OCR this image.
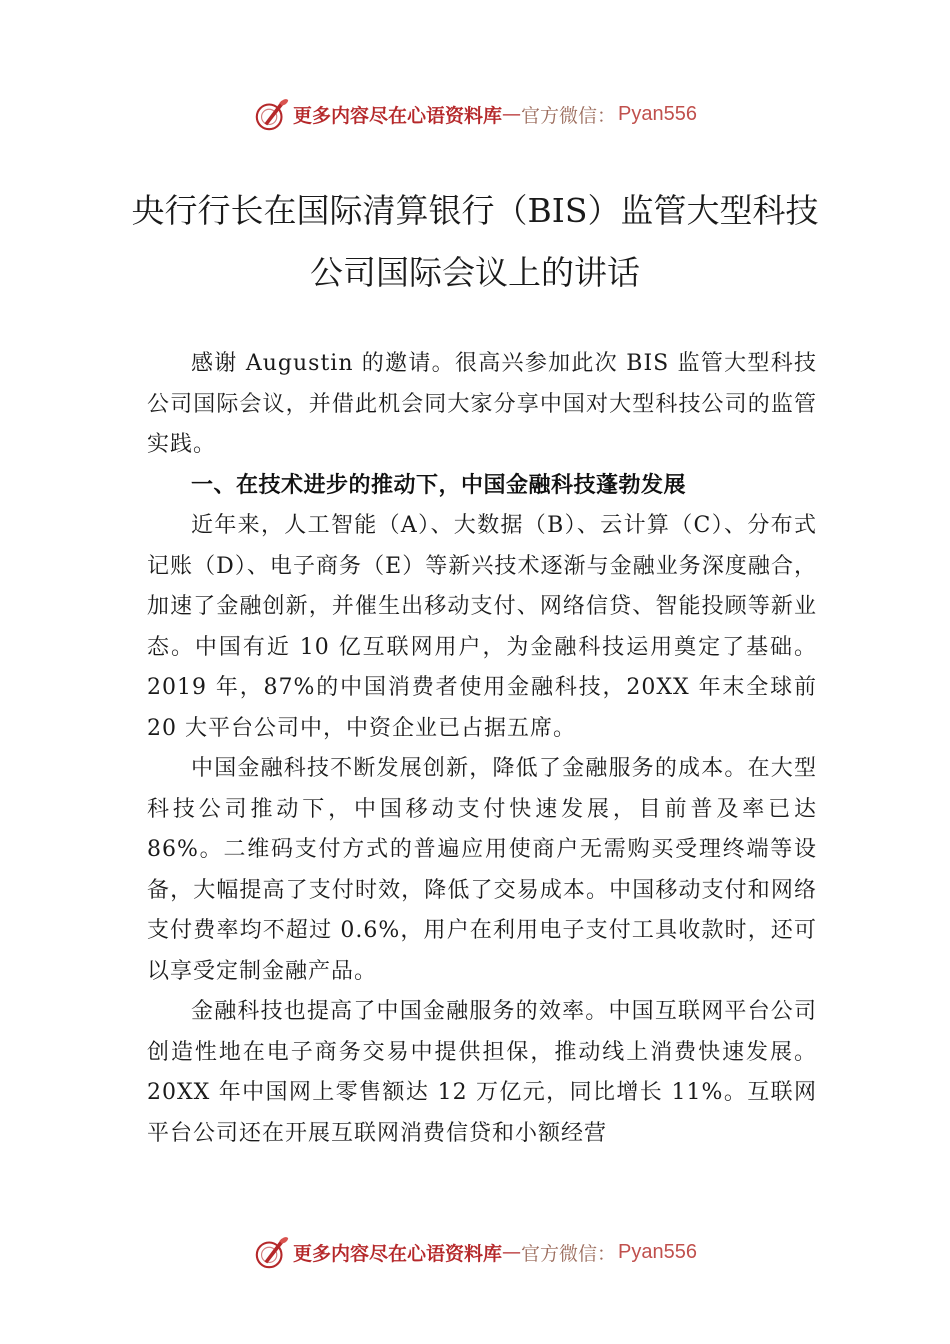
更多内容尽在心语资料库 — 官方微信： Pyan556
央行行长在国际清算银行（BIS）监管大型科技公司国际会议上的讲话

感谢 Augustin 的邀请。很高兴参加此次 BIS 监管大型科技公司国际会议，并借此机会同大家分享中国对大型科技公司的监管实践。

一、在技术进步的推动下，中国金融科技蓬勃发展

近年来，人工智能（A）、大数据（B）、云计算（C）、分布式记账（D）、电子商务（E）等新兴技术逐渐与金融业务深度融合，加速了金融创新，并催生出移动支付、网络信贷、智能投顾等新业态。中国有近 10 亿互联网用户，为金融科技运用奠定了基础。2019 年，87%的中国消费者使用金融科技，20XX 年末全球前 20 大平台公司中，中资企业已占据五席。

中国金融科技不断发展创新，降低了金融服务的成本。在大型科技公司推动下，中国移动支付快速发展，目前普及率已达 86%。二维码支付方式的普遍应用使商户无需购买受理终端等设备，大幅提高了支付时效，降低了交易成本。中国移动支付和网络支付费率均不超过 0.6%，用户在利用电子支付工具收款时，还可以享受定制金融产品。

金融科技也提高了中国金融服务的效率。中国互联网平台公司创造性地在电子商务交易中提供担保，推动线上消费快速发展。20XX 年中国网上零售额达 12 万亿元，同比增长 11%。互联网平台公司还在开展互联网消费信贷和小额经营

更多内容尽在心语资料库 — 官方微信： Pyan556
